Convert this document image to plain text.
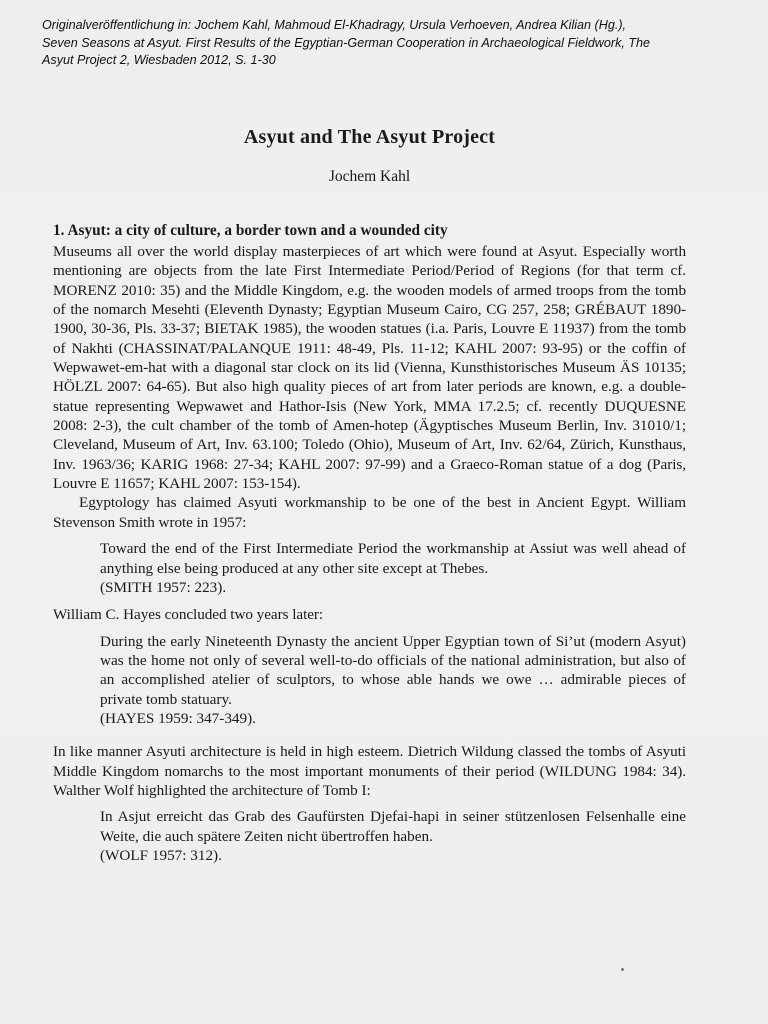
Originalveröffentlichung in: Jochem Kahl, Mahmoud El-Khadragy, Ursula Verhoeven, Andrea Kilian (Hg.),
Seven Seasons at Asyut. First Results of the Egyptian-German Cooperation in Archaeological Fieldwork, The
Asyut Project 2, Wiesbaden 2012, S. 1-30
Asyut and The Asyut Project
Jochem Kahl
1. Asyut: a city of culture, a border town and a wounded city

Museums all over the world display masterpieces of art which were found at Asyut. Especially worth mentioning are objects from the late First Intermediate Period/Period of Regions (for that term cf. MORENZ 2010: 35) and the Middle Kingdom, e.g. the wooden models of armed troops from the tomb of the nomarch Mesehti (Eleventh Dynasty; Egyptian Museum Cairo, CG 257, 258; GRÉBAUT 1890-1900, 30-36, Pls. 33-37; BIETAK 1985), the wooden statues (i.a. Paris, Louvre E 11937) from the tomb of Nakhti (CHASSINAT/PALANQUE 1911: 48-49, Pls. 11-12; KAHL 2007: 93-95) or the coffin of Wepwawet-em-hat with a diagonal star clock on its lid (Vienna, Kunsthistorisches Museum ÄS 10135; HÖLZL 2007: 64-65). But also high quality pieces of art from later periods are known, e.g. a double-statue representing Wepwawet and Hathor-Isis (New York, MMA 17.2.5; cf. recently DUQUESNE 2008: 2-3), the cult chamber of the tomb of Amen-hotep (Ägyptisches Museum Berlin, Inv. 31010/1; Cleveland, Museum of Art, Inv. 63.100; Toledo (Ohio), Museum of Art, Inv. 62/64, Zürich, Kunsthaus, Inv. 1963/36; KARIG 1968: 27-34; KAHL 2007: 97-99) and a Graeco-Roman statue of a dog (Paris, Louvre E 11657; KAHL 2007: 153-154).

Egyptology has claimed Asyuti workmanship to be one of the best in Ancient Egypt. William Stevenson Smith wrote in 1957:

Toward the end of the First Intermediate Period the workmanship at Assiut was well ahead of anything else being produced at any other site except at Thebes.
(SMITH 1957: 223).

William C. Hayes concluded two years later:

During the early Nineteenth Dynasty the ancient Upper Egyptian town of Si’ut (modern Asyut) was the home not only of several well-to-do officials of the national administration, but also of an accomplished atelier of sculptors, to whose able hands we owe … admirable pieces of private tomb statuary.
(HAYES 1959: 347-349).

In like manner Asyuti architecture is held in high esteem. Dietrich Wildung classed the tombs of Asyuti Middle Kingdom nomarchs to the most important monuments of their period (WILDUNG 1984: 34). Walther Wolf highlighted the architecture of Tomb I:

In Asjut erreicht das Grab des Gaufürsten Djefai-hapi in seiner stützenlosen Felsenhalle eine Weite, die auch spätere Zeiten nicht übertroffen haben.
(WOLF 1957: 312).
